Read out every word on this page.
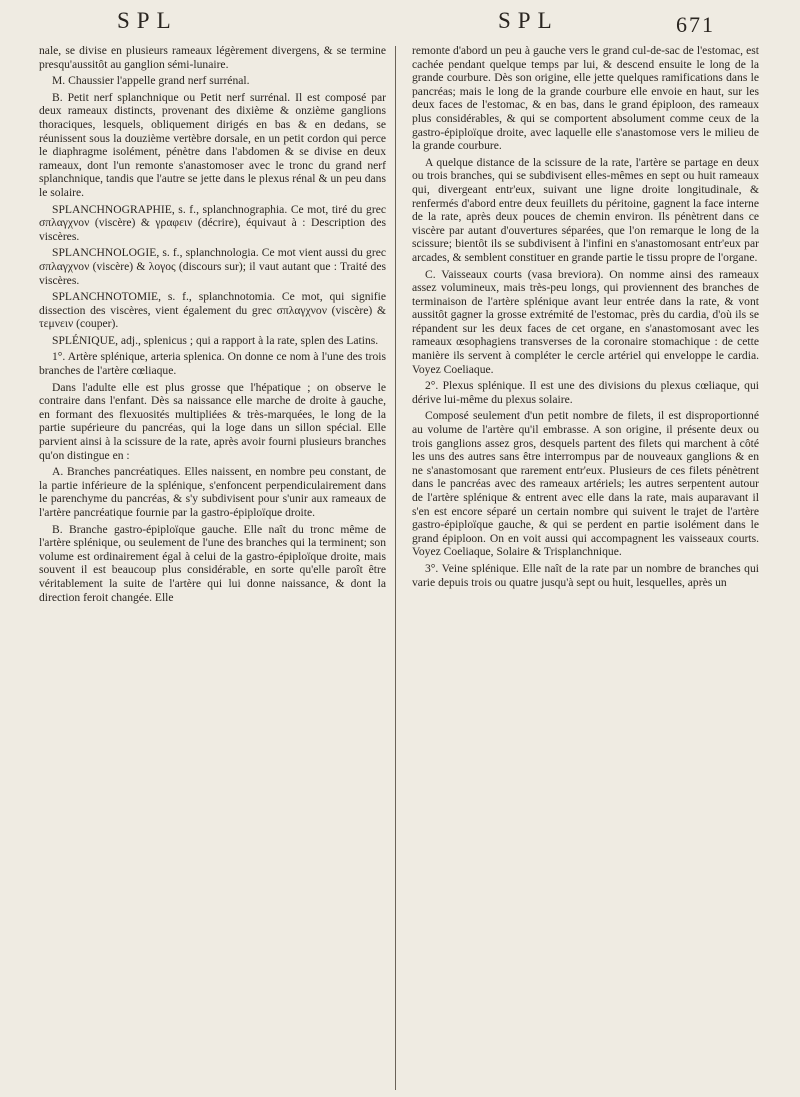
SPL	SPL	671

nale, se divise en plusieurs rameaux légèrement divergens, & se termine presqu'aussitôt au ganglion sémi-lunaire.

M. Chaussier l'appelle grand nerf surrénal.

B. Petit nerf splanchnique ou Petit nerf surrénal. Il est composé par deux rameaux distincts, provenant des dixième & onzième ganglions thoraciques, lesquels, obliquement dirigés en bas & en dedans, se réunissent sous la douzième vertèbre dorsale, en un petit cordon qui perce le diaphragme isolément, pénètre dans l'abdomen & se divise en deux rameaux, dont l'un remonte s'anastomoser avec le tronc du grand nerf splanchnique, tandis que l'autre se jette dans le plexus rénal & un peu dans le solaire.

SPLANCHNOGRAPHIE, s. f., splanchnographia. Ce mot, tiré du grec σπλαγχνον (viscère) & γραφειν (décrire), équivaut à : Description des viscères.

SPLANCHNOLOGIE, s. f., splanchnologia. Ce mot vient aussi du grec σπλαγχνον (viscère) & λογος (discours sur); il vaut autant que : Traité des viscères.

SPLANCHNOTOMIE, s. f., splanchnotomia. Ce mot, qui signifie dissection des viscères, vient également du grec σπλαγχνον (viscère) & τεμνειν (couper).

SPLÉNIQUE, adj., splenicus ; qui a rapport à la rate, splen des Latins.

1°. Artère splénique, arteria splenica. On donne ce nom à l'une des trois branches de l'artère cœliaque.

Dans l'adulte elle est plus grosse que l'hépatique ; on observe le contraire dans l'enfant. Dès sa naissance elle marche de droite à gauche, en formant des flexuosités multipliées & très-marquées, le long de la partie supérieure du pancréas, qui la loge dans un sillon spécial. Elle parvient ainsi à la scissure de la rate, après avoir fourni plusieurs branches qu'on distingue en :

A. Branches pancréatiques. Elles naissent, en nombre peu constant, de la partie inférieure de la splénique, s'enfoncent perpendiculairement dans le parenchyme du pancréas, & s'y subdivisent pour s'unir aux rameaux de l'artère pancréatique fournie par la gastro-épiploïque droite.

B. Branche gastro-épiploïque gauche. Elle naît du tronc même de l'artère splénique, ou seulement de l'une des branches qui la terminent; son volume est ordinairement égal à celui de la gastro-épiploïque droite, mais souvent il est beaucoup plus considérable, en sorte qu'elle paroît être véritablement la suite de l'artère qui lui donne naissance, & dont la direction feroit changée. Elle

remonte d'abord un peu à gauche vers le grand cul-de-sac de l'estomac, est cachée pendant quelque temps par lui, & descend ensuite le long de la grande courbure. Dès son origine, elle jette quelques ramifications dans le pancréas; mais le long de la grande courbure elle envoie en haut, sur les deux faces de l'estomac, & en bas, dans le grand épiploon, des rameaux plus considérables, & qui se comportent absolument comme ceux de la gastro-épiploïque droite, avec laquelle elle s'anastomose vers le milieu de la grande courbure.

A quelque distance de la scissure de la rate, l'artère se partage en deux ou trois branches, qui se subdivisent elles-mêmes en sept ou huit rameaux qui, divergeant entr'eux, suivant une ligne droite longitudinale, & renfermés d'abord entre deux feuillets du péritoine, gagnent la face interne de la rate, après deux pouces de chemin environ. Ils pénètrent dans ce viscère par autant d'ouvertures séparées, que l'on remarque le long de la scissure; bientôt ils se subdivisent à l'infini en s'anastomosant entr'eux par arcades, & semblent constituer en grande partie le tissu propre de l'organe.

C. Vaisseaux courts (vasa breviora). On nomme ainsi des rameaux assez volumineux, mais très-peu longs, qui proviennent des branches de terminaison de l'artère splénique avant leur entrée dans la rate, & vont aussitôt gagner la grosse extrémité de l'estomac, près du cardia, d'où ils se répandent sur les deux faces de cet organe, en s'anastomosant avec les rameaux œsophagiens transverses de la coronaire stomachique : de cette manière ils servent à compléter le cercle artériel qui enveloppe le cardia. Voyez Coeliaque.

2°. Plexus splénique. Il est une des divisions du plexus cœliaque, qui dérive lui-même du plexus solaire.

Composé seulement d'un petit nombre de filets, il est disproportionné au volume de l'artère qu'il embrasse. A son origine, il présente deux ou trois ganglions assez gros, desquels partent des filets qui marchent à côté les uns des autres sans être interrompus par de nouveaux ganglions & en ne s'anastomosant que rarement entr'eux. Plusieurs de ces filets pénètrent dans le pancréas avec des rameaux artériels; les autres serpentent autour de l'artère splénique & entrent avec elle dans la rate, mais auparavant il s'en est encore séparé un certain nombre qui suivent le trajet de l'artère gastro-épiploïque gauche, & qui se perdent en partie isolément dans le grand épiploon. On en voit aussi qui accompagnent les vaisseaux courts. Voyez Coeliaque, Solaire & Trisplanchnique.

3°. Veine splénique. Elle naît de la rate par un nombre de branches qui varie depuis trois ou quatre jusqu'à sept ou huit, lesquelles, après un
